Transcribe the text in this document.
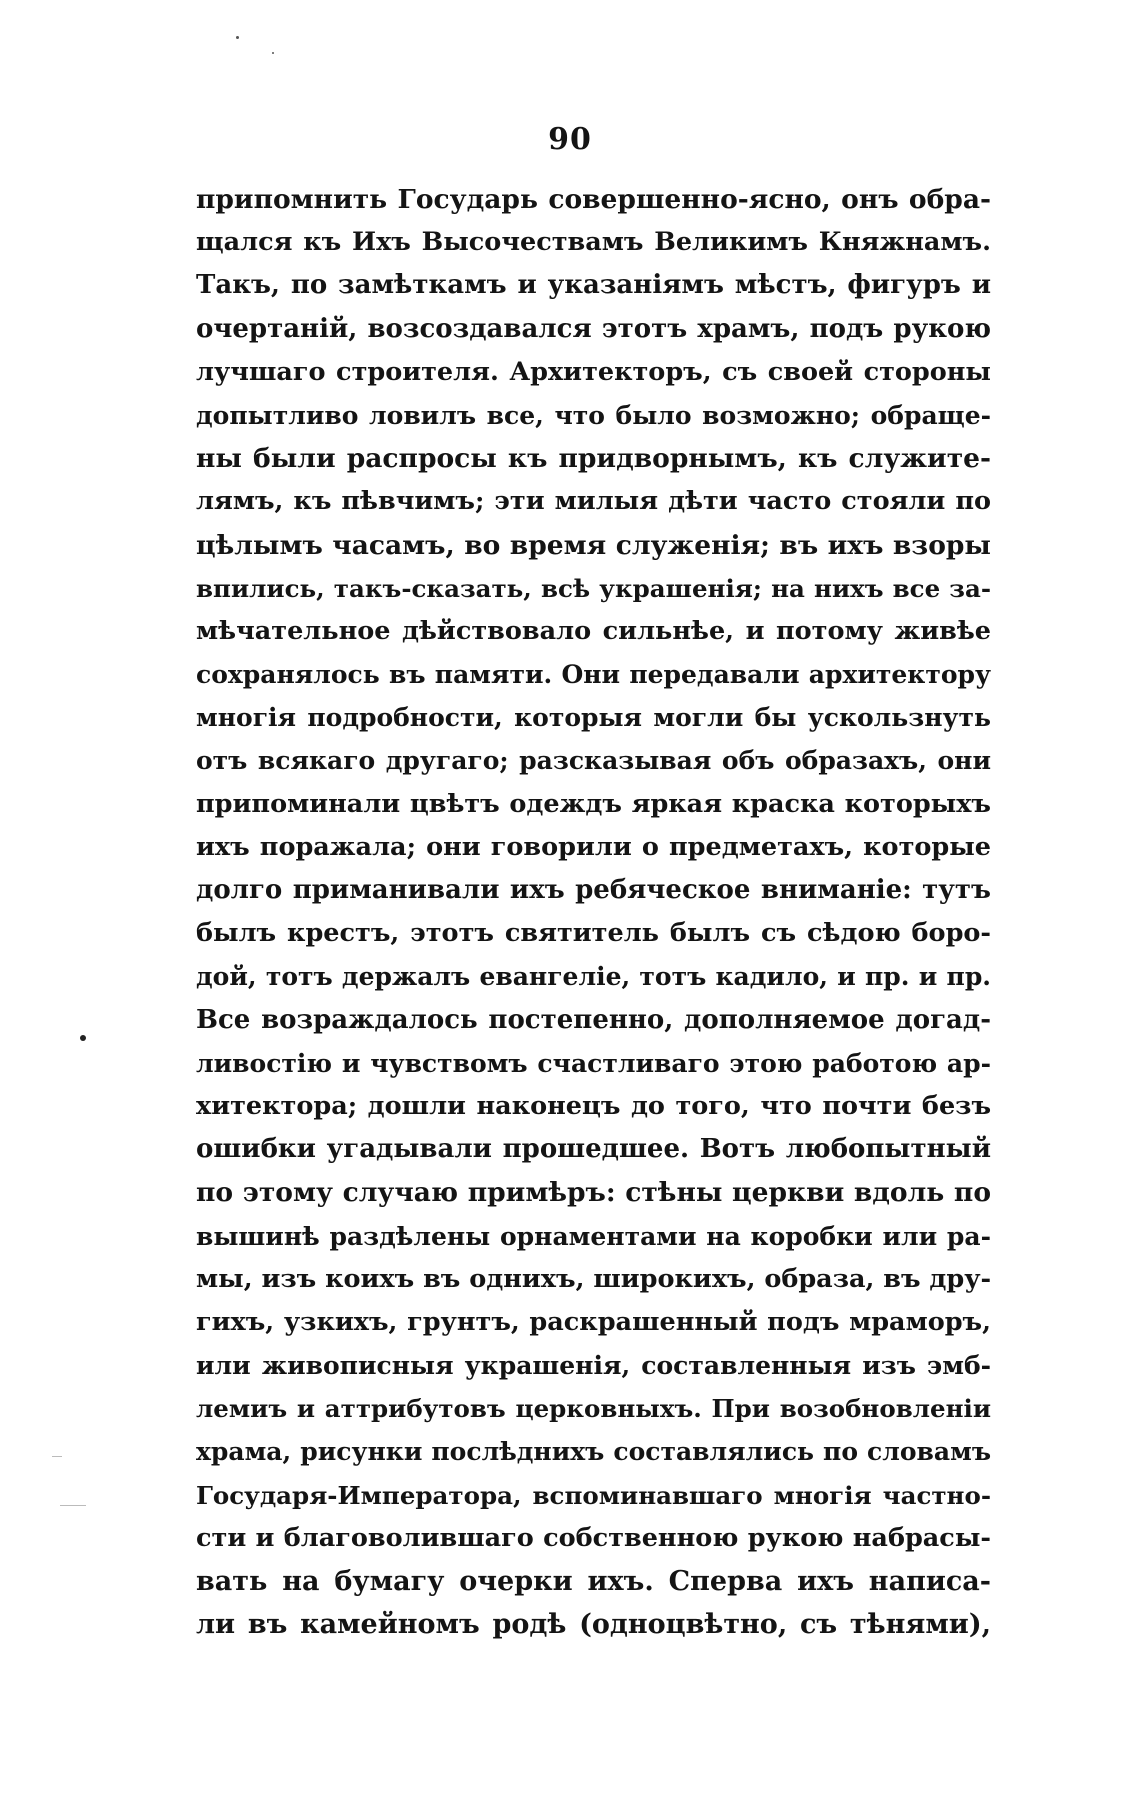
90
припомнить Государь совершенно-ясно, онъ обра-
щался къ Ихъ Высочествамъ Великимъ Княжнамъ.
Такъ, по замѣткамъ и указаніямъ мѣстъ, фигуръ и
очертаній, возсоздавался этотъ храмъ, подъ рукою
лучшаго строителя. Архитекторъ, съ своей стороны
допытливо ловилъ все, что было возможно; обраще-
ны были распросы къ придворнымъ, къ служите-
лямъ, къ пѣвчимъ; эти милыя дѣти часто стояли по
цѣлымъ часамъ, во время служенія; въ ихъ взоры
впились, такъ-сказать, всѣ украшенія; на нихъ все за-
мѣчательное дѣйствовало сильнѣе, и потому живѣе
сохранялось въ памяти. Они передавали архитектору
многія подробности, которыя могли бы ускользнуть
отъ всякаго другаго; разсказывая объ образахъ, они
припоминали цвѣтъ одеждъ яркая краска которыхъ
ихъ поражала; они говорили о предметахъ, которые
долго приманивали ихъ ребяческое вниманіе: тутъ
былъ крестъ, этотъ святитель былъ съ сѣдою боро-
дой, тотъ держалъ евангеліе, тотъ кадило, и пр. и пр.
Все возраждалось постепенно, дополняемое догад-
ливостію и чувствомъ счастливаго этою работою ар-
хитектора; дошли наконецъ до того, что почти безъ
ошибки угадывали прошедшее. Вотъ любопытный
по этому случаю примѣръ: стѣны церкви вдоль по
вышинѣ раздѣлены орнаментами на коробки или ра-
мы, изъ коихъ въ однихъ, широкихъ, образа, въ дру-
гихъ, узкихъ, грунтъ, раскрашенный подъ мраморъ,
или живописныя украшенія, составленныя изъ эмб-
лемиъ и аттрибутовъ церковныхъ. При возобновленіи
храма, рисунки послѣднихъ составлялись по словамъ
Государя-Императора, вспоминавшаго многія частно-
сти и благоволившаго собственною рукою набрасы-
вать на бумагу очерки ихъ. Сперва ихъ написа-
ли въ камейномъ родѣ (одноцвѣтно, съ тѣнями),
